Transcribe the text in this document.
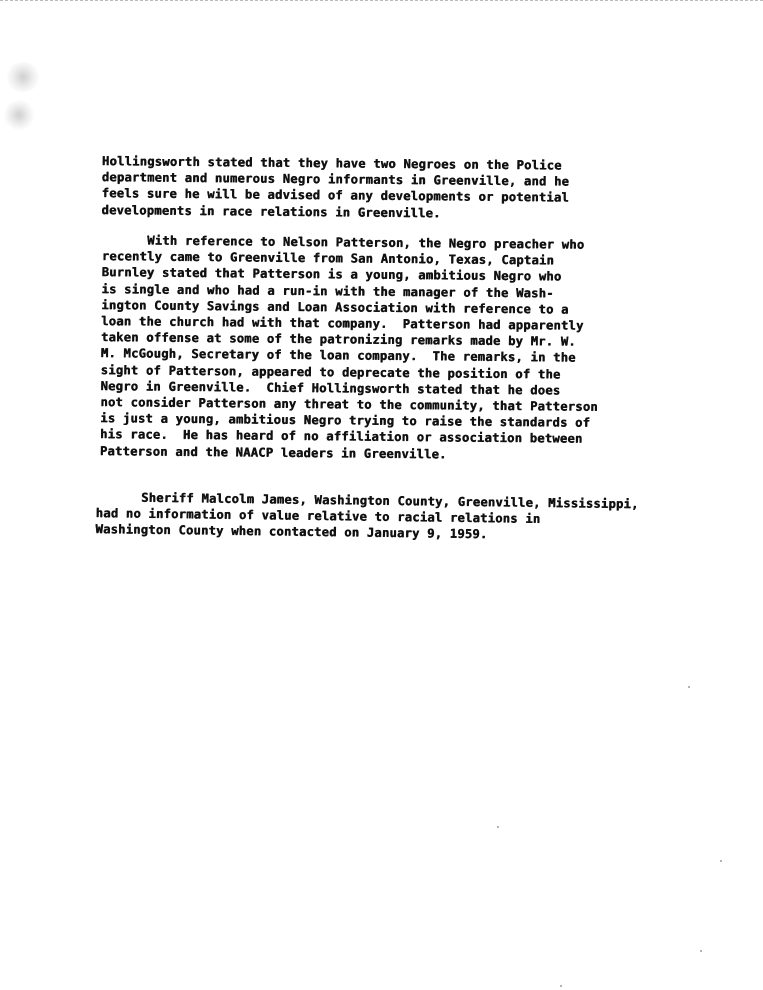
Hollingsworth stated that they have two Negroes on the Police
department and numerous Negro informants in Greenville, and he
feels sure he will be advised of any developments or potential
developments in race relations in Greenville.

With reference to Nelson Patterson, the Negro preacher who
recently came to Greenville from San Antonio, Texas, Captain
Burnley stated that Patterson is a young, ambitious Negro who
is single and who had a run-in with the manager of the Wash-
ington County Savings and Loan Association with reference to a
loan the church had with that company.  Patterson had apparently
taken offense at some of the patronizing remarks made by Mr. W.
M. McGough, Secretary of the loan company.  The remarks, in the
sight of Patterson, appeared to deprecate the position of the
Negro in Greenville.  Chief Hollingsworth stated that he does
not consider Patterson any threat to the community, that Patterson
is just a young, ambitious Negro trying to raise the standards of
his race.  He has heard of no affiliation or association between
Patterson and the NAACP leaders in Greenville.

Sheriff Malcolm James, Washington County, Greenville, Mississippi,
had no information of value relative to racial relations in
Washington County when contacted on January 9, 1959.
